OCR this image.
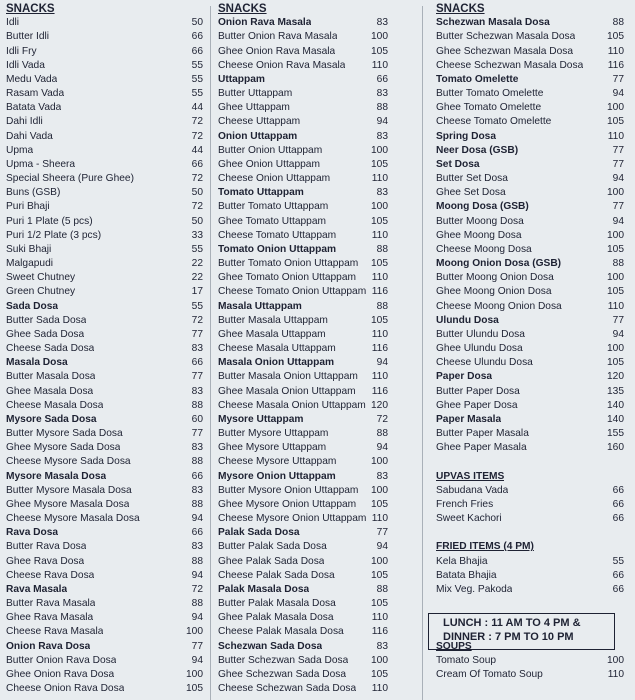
SNACKS
Idli	50
Butter Idli	66
Idli Fry	66
Idli Vada	55
Medu Vada	55
Rasam Vada	55
Batata Vada	44
Dahi Idli	72
Dahi Vada	72
Upma	44
Upma - Sheera	66
Special Sheera (Pure Ghee)	72
Buns (GSB)	50
Puri Bhaji	72
Puri 1 Plate (5 pcs)	50
Puri 1/2 Plate (3 pcs)	33
Suki Bhaji	55
Malgapudi	22
Sweet Chutney	22
Green Chutney	17
Sada Dosa	55
Butter Sada Dosa	72
Ghee Sada Dosa	77
Cheese Sada Dosa	83
Masala Dosa	66
Butter Masala Dosa	77
Ghee Masala Dosa	83
Cheese Masala Dosa	88
Mysore Sada Dosa	60
Butter Mysore Sada Dosa	77
Ghee Mysore Sada Dosa	83
Cheese Mysore Sada Dosa	88
Mysore Masala Dosa	66
Butter Mysore Masala Dosa	83
Ghee Mysore Masala Dosa	88
Cheese Mysore Masala Dosa	94
Rava Dosa	66
Butter Rava Dosa	83
Ghee Rava Dosa	88
Cheese Rava Dosa	94
Rava Masala	72
Butter Rava Masala	88
Ghee Rava Masala	94
Cheese Rava Masala	100
Onion Rava Dosa	77
Butter Onion Rava Dosa	94
Ghee Onion Rava Dosa	100
Cheese Onion Rava Dosa	105
SNACKS
Onion Rava Masala	83
Butter Onion Rava Masala	100
Ghee Onion Rava Masala	105
Cheese Onion Rava Masala	110
Uttappam	66
Butter Uttappam	83
Ghee Uttappam	88
Cheese Uttappam	94
Onion Uttappam	83
Butter Onion Uttappam	100
Ghee Onion Uttappam	105
Cheese Onion Uttappam	110
Tomato Uttappam	83
Butter Tomato Uttappam	100
Ghee Tomato Uttappam	105
Cheese Tomato Uttappam	110
Tomato Onion Uttappam	88
Butter Tomato Onion Uttappam	105
Ghee Tomato Onion Uttappam	110
Cheese Tomato Onion Uttappam 116
Masala Uttappam	88
Butter Masala Uttappam	105
Ghee Masala Uttappam	110
Cheese Masala Uttappam	116
Masala Onion Uttappam	94
Butter Masala Onion Uttappam	110
Ghee Masala Onion Uttappam	116
Cheese Masala Onion Uttappam 120
Mysore Uttappam	72
Butter Mysore Uttappam	88
Ghee Mysore Uttappam	94
Cheese Mysore Uttappam	100
Mysore Onion Uttappam	83
Butter Mysore Onion Uttappam	100
Ghee Mysore Onion Uttappam	105
Cheese Mysore Onion Uttappam 110
Palak Sada Dosa	77
Butter Palak Sada Dosa	94
Ghee Palak Sada Dosa	100
Cheese Palak Sada Dosa	105
Palak Masala Dosa	88
Butter Palak Masala Dosa	105
Ghee Palak Masala Dosa	110
Cheese Palak Masala Dosa	116
Schezwan Sada Dosa	83
Butter Schezwan Sada Dosa	100
Ghee Schezwan Sada Dosa	105
Cheese Schezwan Sada Dosa	110
SNACKS
Schezwan Masala Dosa	88
Butter Schezwan Masala Dosa	105
Ghee Schezwan Masala Dosa	110
Cheese Schezwan Masala Dosa	116
Tomato Omelette	77
Butter Tomato Omelette	94
Ghee Tomato Omelette	100
Cheese Tomato Omelette	105
Spring Dosa	110
Neer Dosa (GSB)	77
Set Dosa	77
Butter Set Dosa	94
Ghee Set Dosa	100
Moong Dosa (GSB)	77
Butter Moong Dosa	94
Ghee Moong Dosa	100
Cheese Moong Dosa	105
Moong Onion Dosa (GSB)	88
Butter Moong Onion Dosa	100
Ghee Moong Onion Dosa	105
Cheese Moong Onion Dosa	110
Ulundu Dosa	77
Butter Ulundu Dosa	94
Ghee Ulundu Dosa	100
Cheese Ulundu Dosa	105
Paper Dosa	120
Butter Paper Dosa	135
Ghee Paper Dosa	140
Paper Masala	140
Butter Paper Masala	155
Ghee Paper Masala	160
UPVAS ITEMS
Sabudana Vada	66
French Fries	66
Sweet Kachori	66
FRIED ITEMS (4 PM)
Kela Bhajia	55
Batata Bhajia	66
Mix Veg. Pakoda	66
SOUPS
Tomato Soup	100
Cream Of Tomato Soup	110
LUNCH : 11 AM TO 4 PM &
DINNER : 7 PM TO 10 PM
